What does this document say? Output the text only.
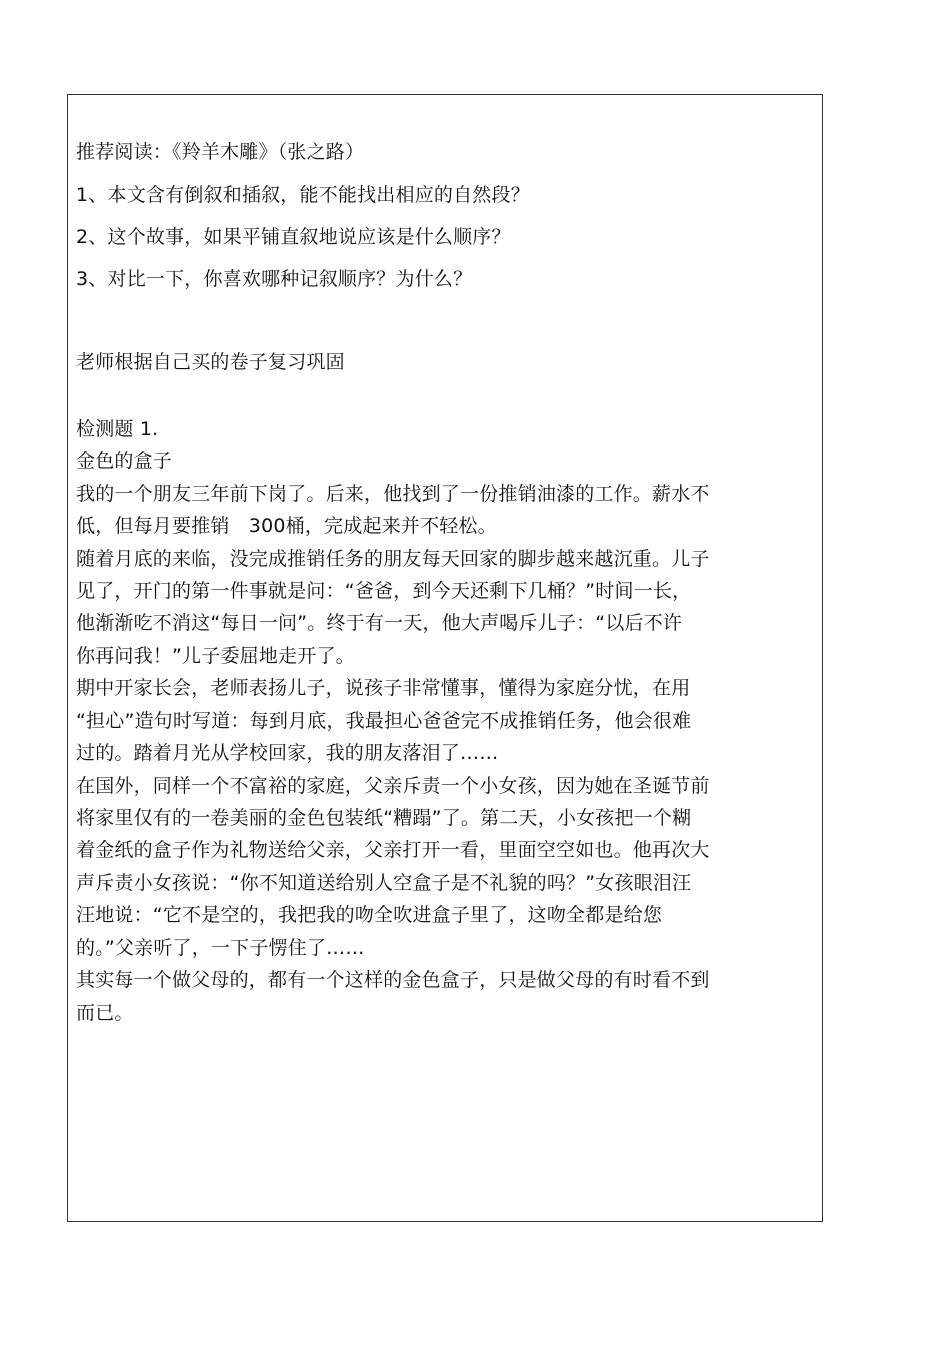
推荐阅读：《羚羊木雕》（张之路）
1、本文含有倒叙和插叙，能不能找出相应的自然段？
2、这个故事，如果平铺直叙地说应该是什么顺序？
3、对比一下，你喜欢哪种记叙顺序？为什么？
老师根据自己买的卷子复习巩固
检测题 1.
金色的盒子
我的一个朋友三年前下岗了。后来，他找到了一份推销油漆的工作。薪水不
低，但每月要推销　300桶，完成起来并不轻松。
随着月底的来临，没完成推销任务的朋友每天回家的脚步越来越沉重。儿子
见了，开门的第一件事就是问：“爸爸，到今天还剩下几桶？”时间一长，
他渐渐吃不消这“每日一问”。终于有一天，他大声喝斥儿子：“以后不许
你再问我！”儿子委屈地走开了。
期中开家长会，老师表扬儿子，说孩子非常懂事，懂得为家庭分忧，在用
“担心”造句时写道：每到月底，我最担心爸爸完不成推销任务，他会很难
过的。踏着月光从学校回家，我的朋友落泪了……
在国外，同样一个不富裕的家庭，父亲斥责一个小女孩，因为她在圣诞节前
将家里仅有的一卷美丽的金色包装纸“糟蹋”了。第二天，小女孩把一个糊
着金纸的盒子作为礼物送给父亲，父亲打开一看，里面空空如也。他再次大
声斥责小女孩说：“你不知道送给别人空盒子是不礼貌的吗？”女孩眼泪汪
汪地说：“它不是空的，我把我的吻全吹进盒子里了，这吻全都是给您
的。”父亲听了，一下子愣住了……
其实每一个做父母的，都有一个这样的金色盒子，只是做父母的有时看不到
而已。
